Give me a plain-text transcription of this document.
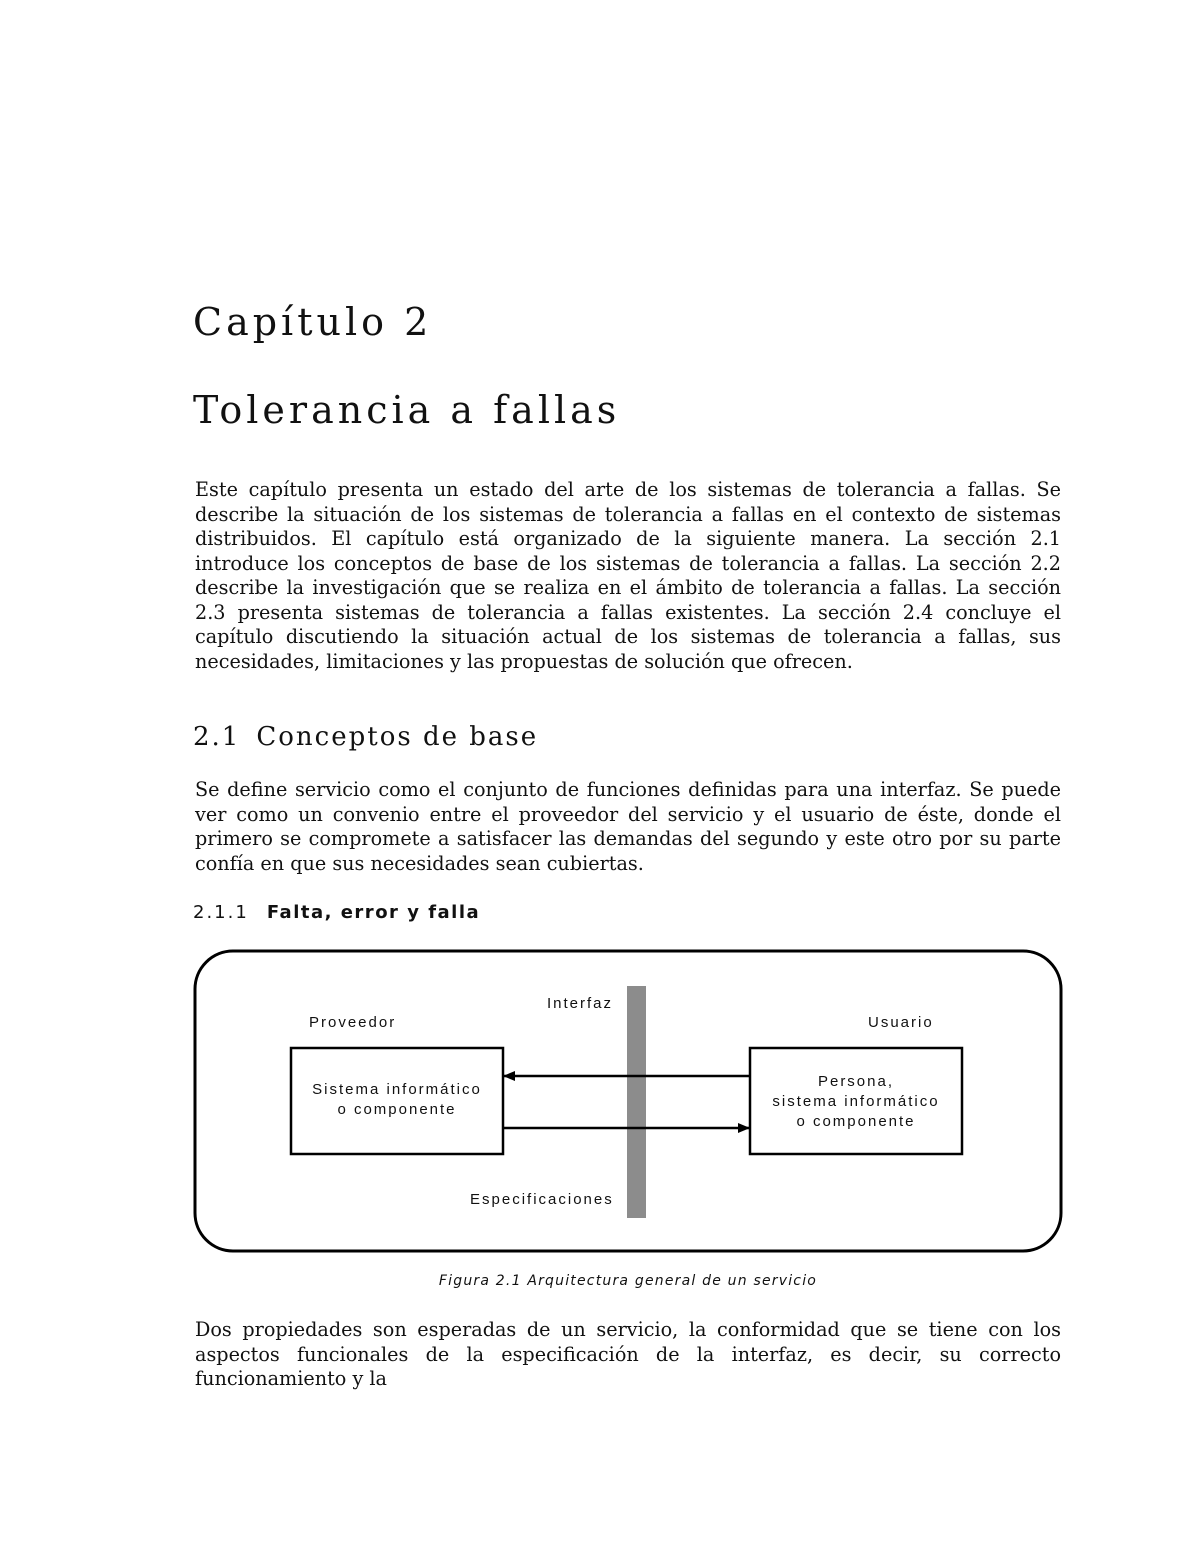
Capítulo 2
Tolerancia a fallas

Este capítulo presenta un estado del arte de los sistemas de tolerancia a fallas. Se describe la situación de los sistemas de tolerancia a fallas en el contexto de sistemas distribuidos. El capítulo está organizado de la siguiente manera. La sección 2.1 introduce los conceptos de base de los sistemas de tolerancia a fallas. La sección 2.2 describe la investigación que se realiza en el ámbito de tolerancia a fallas. La sección 2.3 presenta sistemas de tolerancia a fallas existentes. La sección 2.4 concluye el capítulo discutiendo la situación actual de los sistemas de tolerancia a fallas, sus necesidades, limitaciones y las propuestas de solución que ofrecen.

2.1 Conceptos de base

Se define servicio como el conjunto de funciones definidas para una interfaz. Se puede ver como un convenio entre el proveedor del servicio y el usuario de éste, donde el primero se compromete a satisfacer las demandas del segundo y este otro por su parte confía en que sus necesidades sean cubiertas.

2.1.1 Falta, error y falla
Interfaz
Proveedor	Usuario
Sistema informático
o componente
Persona,
sistema informático
o componente
Especificaciones

Figura 2.1 Arquitectura general de un servicio

Dos propiedades son esperadas de un servicio, la conformidad que se tiene con los aspectos funcionales de la especificación de la interfaz, es decir, su correcto funcionamiento y la
